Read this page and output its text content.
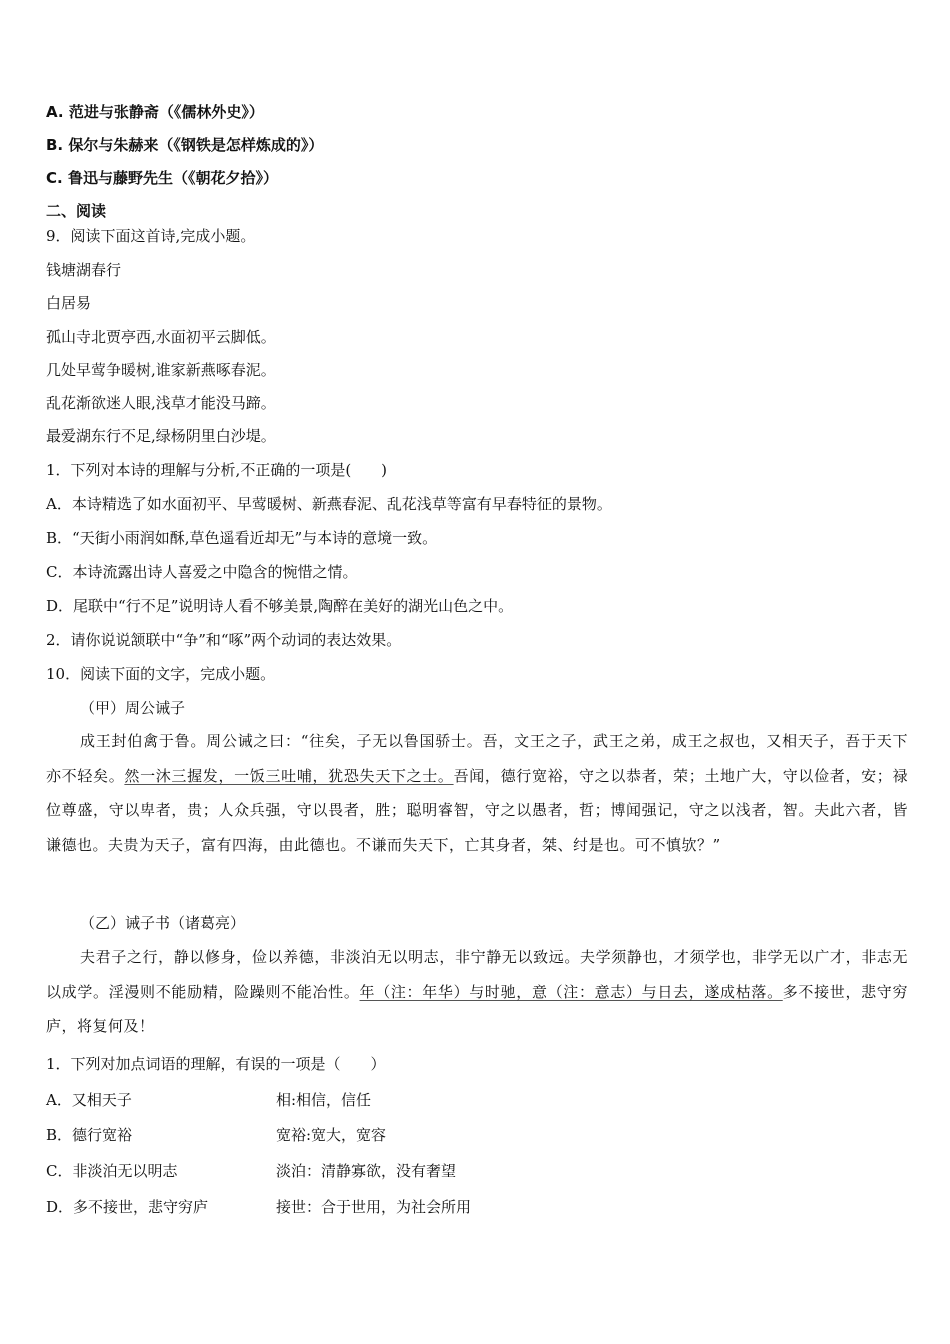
A. 范进与张静斋（《儒林外史》）
B. 保尔与朱赫来（《钢铁是怎样炼成的》）
C. 鲁迅与藤野先生（《朝花夕拾》）
二、阅读
9．阅读下面这首诗,完成小题。
钱塘湖春行
白居易
孤山寺北贾亭西,水面初平云脚低。
几处早莺争暖树,谁家新燕啄春泥。
乱花渐欲迷人眼,浅草才能没马蹄。
最爱湖东行不足,绿杨阴里白沙堤。
1．下列对本诗的理解与分析,不正确的一项是(　　)
A．本诗精选了如水面初平、早莺暖树、新燕春泥、乱花浅草等富有早春特征的景物。
B．“天街小雨润如酥,草色遥看近却无”与本诗的意境一致。
C．本诗流露出诗人喜爱之中隐含的惋惜之情。
D．尾联中“行不足”说明诗人看不够美景,陶醉在美好的湖光山色之中。
2．请你说说颔联中“争”和“啄”两个动词的表达效果。
10．阅读下面的文字，完成小题。
（甲）周公诫子
成王封伯禽于鲁。周公诫之曰：“往矣，子无以鲁国骄士。吾，文王之子，武王之弟，成王之叔也，又相天子，吾于天下亦不轻矣。然一沐三握发，一饭三吐哺，犹恐失天下之士。吾闻，德行宽裕，守之以恭者，荣；土地广大，守以俭者，安；禄位尊盛，守以卑者，贵；人众兵强，守以畏者，胜；聪明睿智，守之以愚者，哲；博闻强记，守之以浅者，智。夫此六者，皆谦德也。夫贵为天子，富有四海，由此德也。不谦而失天下，亡其身者，桀、纣是也。可不慎欤？”
（乙）诫子书（诸葛亮）
夫君子之行，静以修身，俭以养德，非淡泊无以明志，非宁静无以致远。夫学须静也，才须学也，非学无以广才，非志无以成学。淫漫则不能励精，险躁则不能冶性。年（注：年华）与时驰，意（注：意志）与日去，遂成枯落。多不接世，悲守穷庐，将复何及！
1．下列对加点词语的理解，有误的一项是（　　）
A．又相天子	相:相信，信任
B．德行宽裕	宽裕:宽大，宽容
C．非淡泊无以明志	淡泊：清静寡欲，没有奢望
D．多不接世，悲守穷庐	接世：合于世用，为社会所用
